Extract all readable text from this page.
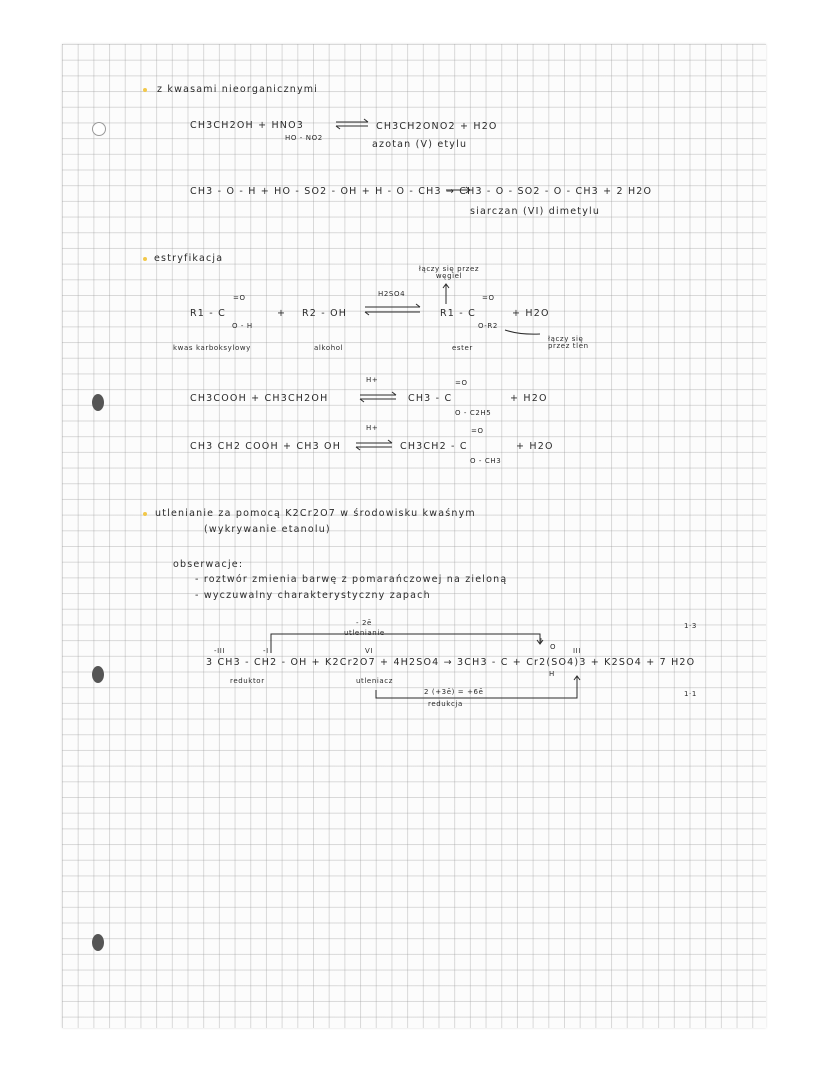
z kwasami nieorganicznymi
CH3CH2OH + HNO3
HO - NO2
CH3CH2ONO2 + H2O
azotan (V) etylu
CH3 - O - H + HO - SO2 - OH + H - O - CH3 → CH3 - O - SO2 - O - CH3 + 2 H2O
siarczan (VI) dimetylu
estryfikacja
łączy się przez węgiel
R1 - C
=O
O - H
+ R2 - OH
H2SO4
R1 - C
=O
O-R2
+ H2O
łączy się przez tlen
kwas karboksylowy	alkohol	ester
CH3COOH + CH3CH2OH
H+
CH3 - C
=O
O - C2H5
+ H2O
CH3 CH2 COOH + CH3 OH
H+
CH3CH2 - C
=O
O - CH3
+ H2O
utlenianie za pomocą K2Cr2O7 w środowisku kwaśnym
(wykrywanie etanolu)
obserwacje:
- roztwór zmienia barwę z pomarańczowej na zieloną
- wyczuwalny charakterystyczny zapach
- 2ē
utlenianie
-III	-I	VI
I
III
3 CH3 - CH2 - OH + K2Cr2O7 + 4H2SO4 → 3CH3 - C + Cr2(SO4)3 + K2SO4 + 7 H2O
O
H
reduktor	utleniacz
2 (+3ē) = +6ē
redukcja
1·3
1·1
